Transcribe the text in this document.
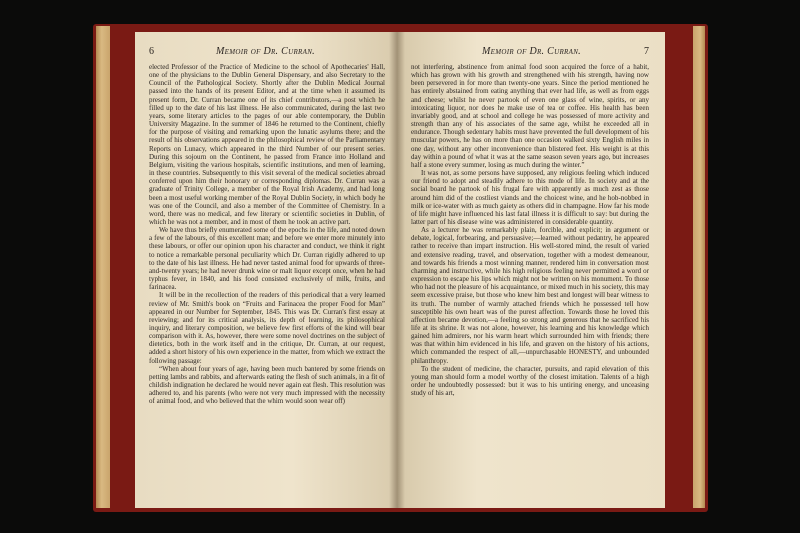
6	Memoir of Dr. Curran.

elected Professor of the Practice of Medicine to the school of Apothecaries' Hall, one of the physicians to the Dublin General Dispensary, and also Secretary to the Council of the Pathological Society. Shortly after the Dublin Medical Journal passed into the hands of its present Editor, and at the time when it assumed its present form, Dr. Curran became one of its chief contributors,—a post which he filled up to the date of his last illness. He also communicated, during the last two years, some literary articles to the pages of our able contemporary, the Dublin University Magazine. In the summer of 1846 he returned to the Continent, chiefly for the purpose of visiting and remarking upon the lunatic asylums there; and the result of his observations appeared in the philosophical review of the Parliamentary Reports on Lunacy, which appeared in the third Number of our present series. During this sojourn on the Continent, he passed from France into Holland and Belgium, visiting the various hospitals, scientific institutions, and men of learning, in these countries. Subsequently to this visit several of the medical societies abroad conferred upon him their honorary or corresponding diplomas. Dr. Curran was a graduate of Trinity College, a member of the Royal Irish Academy, and had long been a most useful working member of the Royal Dublin Society, in which body he was one of the Council, and also a member of the Committee of Chemistry. In a word, there was no medical, and few literary or scientific societies in Dublin, of which he was not a member, and in most of them he took an active part.

We have thus briefly enumerated some of the epochs in the life, and noted down a few of the labours, of this excellent man; and before we enter more minutely into these labours, or offer our opinion upon his character and conduct, we think it right to notice a remarkable personal peculiarity which Dr. Curran rigidly adhered to up to the date of his last illness. He had never tasted animal food for upwards of three-and-twenty years; he had never drunk wine or malt liquor except once, when he had typhus fever, in 1840, and his food consisted exclusively of milk, fruits, and farinacea.

It will be in the recollection of the readers of this periodical that a very learned review of Mr. Smith's book on “Fruits and Farinacea the proper Food for Man” appeared in our Number for September, 1845. This was Dr. Curran's first essay at reviewing; and for its critical analysis, its depth of learning, its philosophical inquiry, and literary composition, we believe few first efforts of the kind will bear comparison with it. As, however, there were some novel doctrines on the subject of dietetics, both in the work itself and in the critique, Dr. Curran, at our request, added a short history of his own experience in the matter, from which we extract the following passage:

“When about four years of age, having been much bantered by some friends on petting lambs and rabbits, and afterwards eating the flesh of such animals, in a fit of childish indignation he declared he would never again eat flesh. This resolution was adhered to, and his parents (who were not very much impressed with the necessity of animal food, and who believed that the whim would soon wear off)

Memoir of Dr. Curran.	7

not interfering, abstinence from animal food soon acquired the force of a habit, which has grown with his growth and strengthened with his strength, having now been persevered in for more than twenty-one years. Since the period mentioned he has entirely abstained from eating anything that ever had life, as well as from eggs and cheese; whilst he never partook of even one glass of wine, spirits, or any intoxicating liquor, nor does he make use of tea or coffee. His health has been invariably good, and at school and college he was possessed of more activity and strength than any of his associates of the same age, whilst he exceeded all in endurance. Though sedentary habits must have prevented the full development of his muscular powers, he has on more than one occasion walked sixty English miles in one day, without any other inconvenience than blistered feet. His weight is at this day within a pound of what it was at the same season seven years ago, but increases half a stone every summer, losing as much during the winter.”

It was not, as some persons have supposed, any religious feeling which induced our friend to adopt and steadily adhere to this mode of life. In society and at the social board he partook of his frugal fare with apparently as much zest as those around him did of the costliest viands and the choicest wine, and he hob-nobbed in milk or ice-water with as much gaiety as others did in champagne. How far his mode of life might have influenced his last fatal illness it is difficult to say: but during the latter part of his disease wine was administered in considerable quantity.

As a lecturer he was remarkably plain, forcible, and explicit; in argument or debate, logical, forbearing, and persuasive;—learned without pedantry, he appeared rather to receive than impart instruction. His well-stored mind, the result of varied and extensive reading, travel, and observation, together with a modest demeanour, and towards his friends a most winning manner, rendered him in conversation most charming and instructive, while his high religious feeling never permitted a word or expression to escape his lips which might not be written on his monument. To those who had not the pleasure of his acquaintance, or mixed much in his society, this may seem excessive praise, but those who knew him best and longest will bear witness to its truth. The number of warmly attached friends which he possessed tell how susceptible his own heart was of the purest affection. Towards those he loved this affection became devotion,—a feeling so strong and generous that he sacrificed his life at its shrine. It was not alone, however, his learning and his knowledge which gained him admirers, nor his warm heart which surrounded him with friends; there was that within him evidenced in his life, and graven on the history of his actions, which commanded the respect of all,—unpurchasable HONESTY, and unbounded philanthropy.

To the student of medicine, the character, pursuits, and rapid elevation of this young man should form a model worthy of the closest imitation. Talents of a high order he undoubtedly possessed: but it was to his untiring energy, and unceasing study of his art,
